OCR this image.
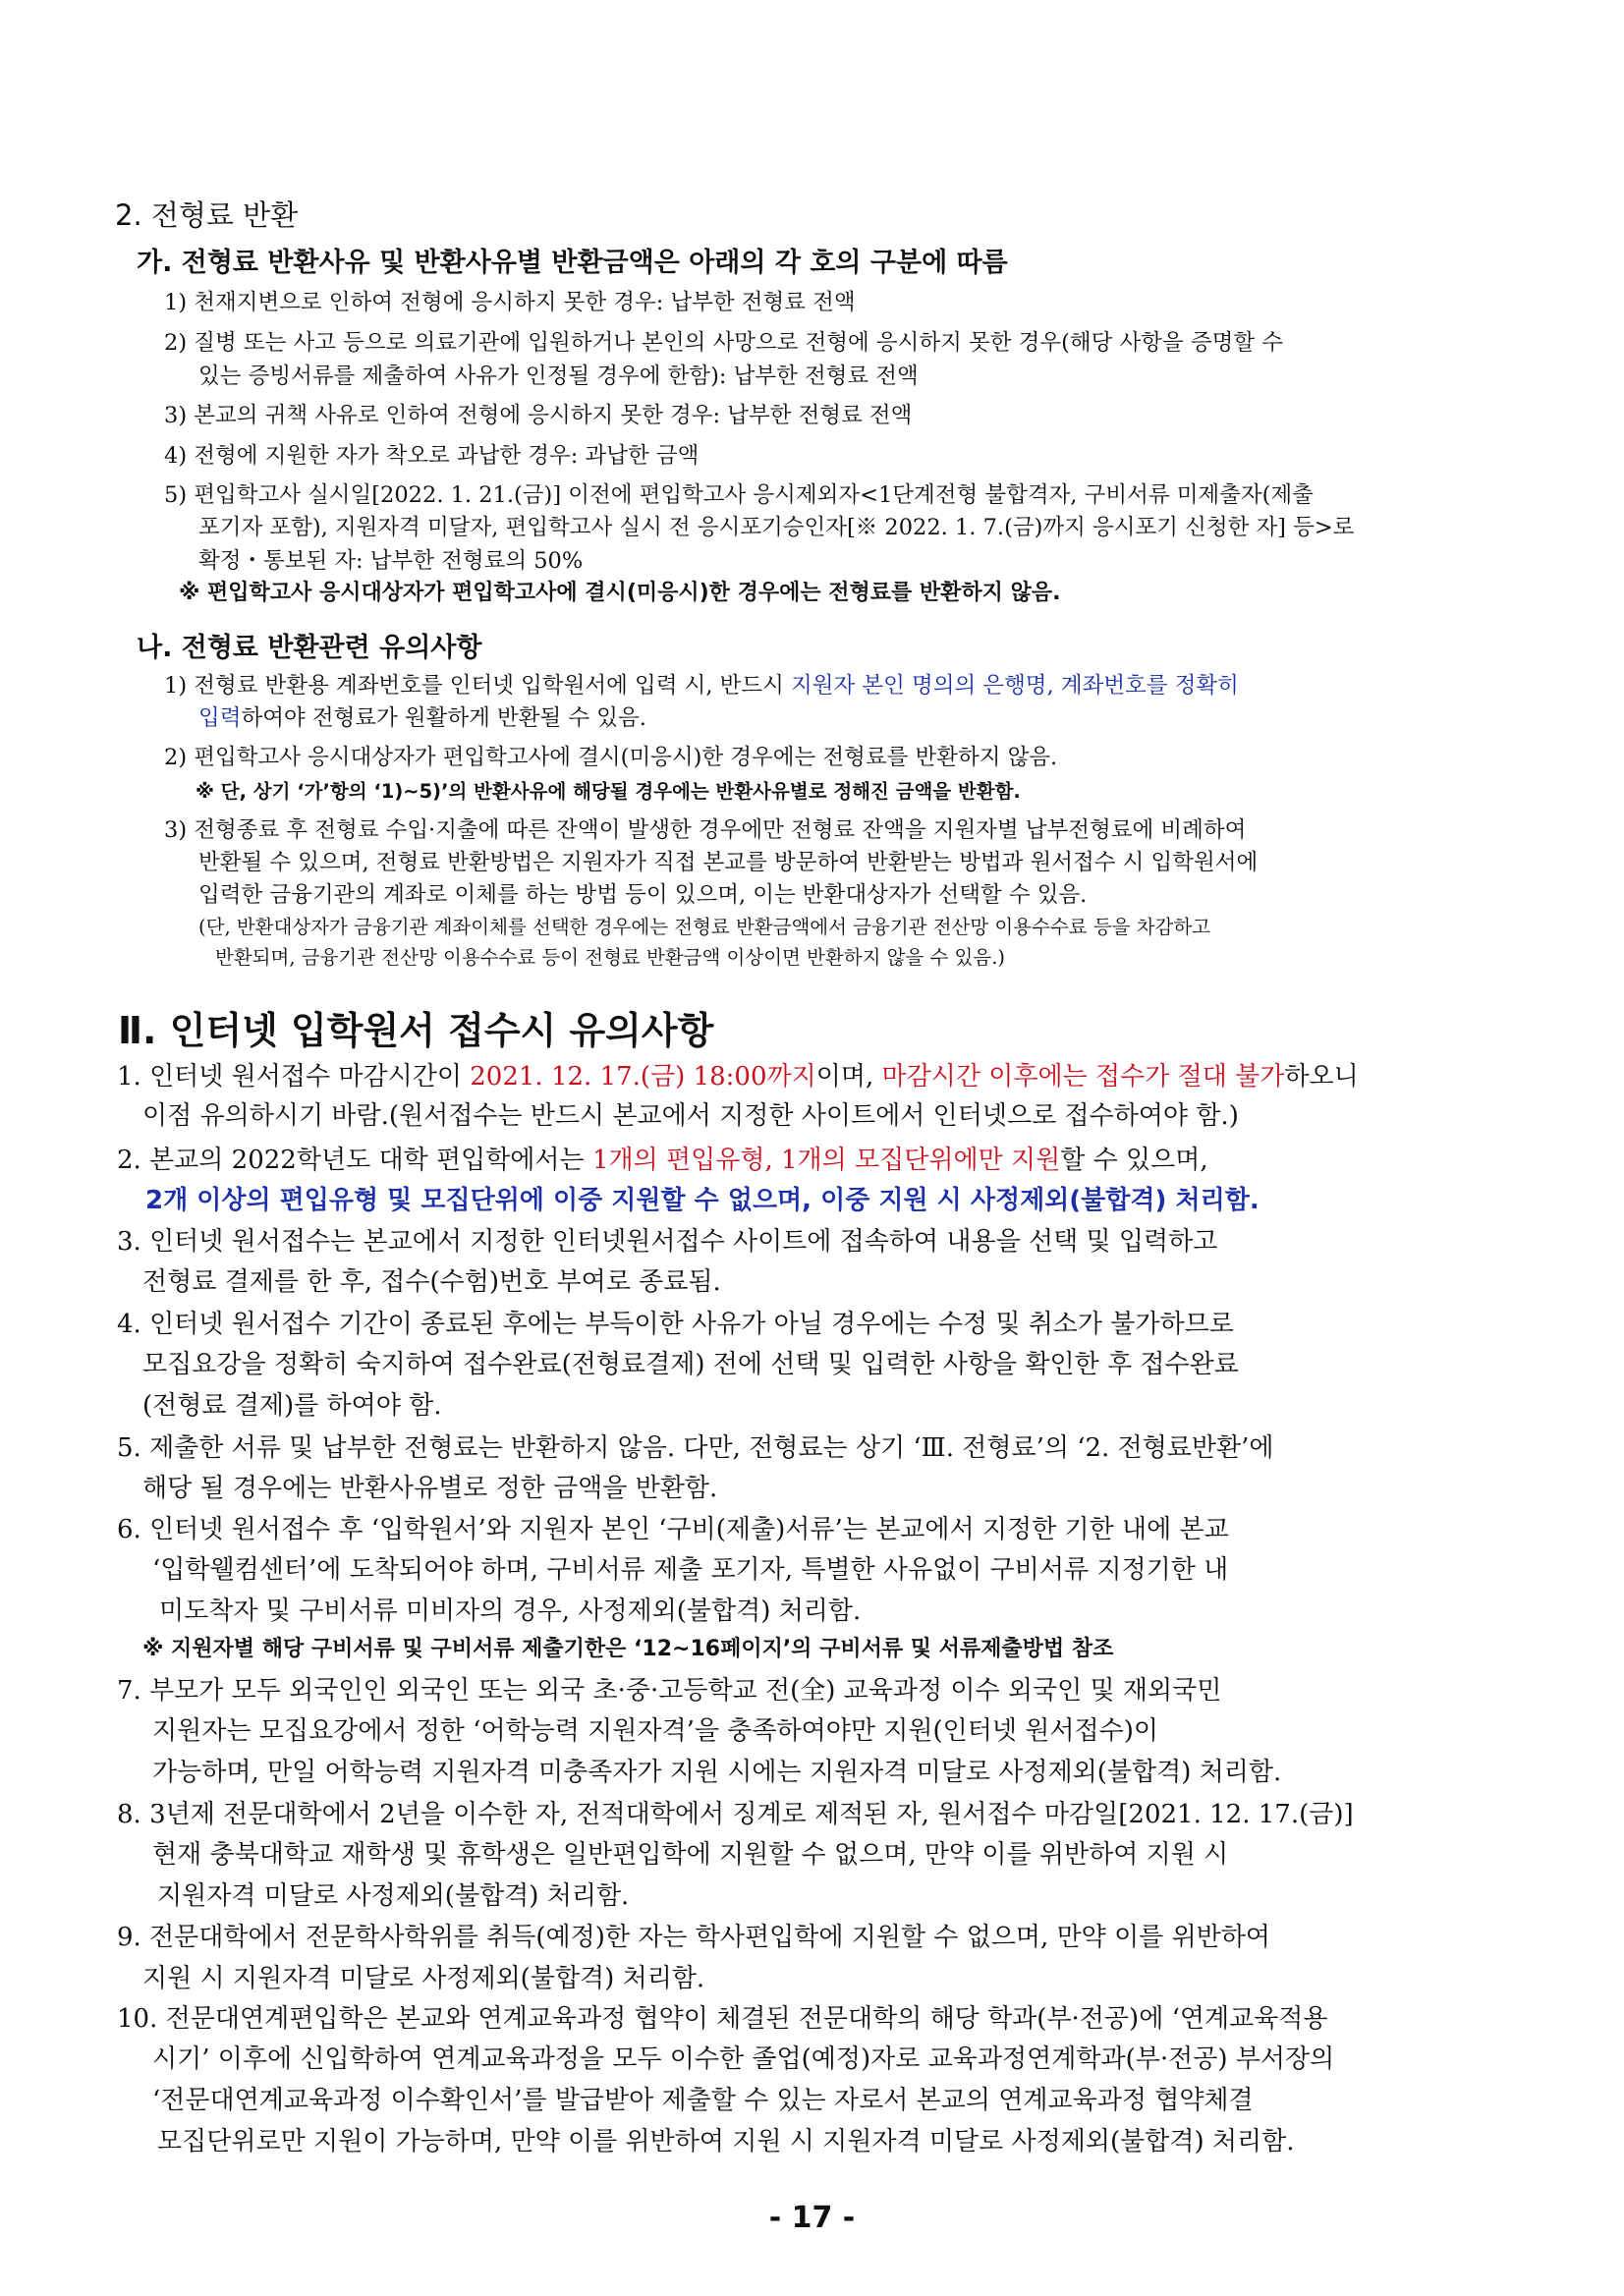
2. 전형료 반환
가. 전형료 반환사유 및 반환사유별 반환금액은 아래의 각 호의 구분에 따름
1) 천재지변으로 인하여 전형에 응시하지 못한 경우: 납부한 전형료 전액
2) 질병 또는 사고 등으로 의료기관에 입원하거나 본인의 사망으로 전형에 응시하지 못한 경우(해당 사항을 증명할 수
있는 증빙서류를 제출하여 사유가 인정될 경우에 한함): 납부한 전형료 전액
3) 본교의 귀책 사유로 인하여 전형에 응시하지 못한 경우: 납부한 전형료 전액
4) 전형에 지원한 자가 착오로 과납한 경우: 과납한 금액
5) 편입학고사 실시일[2022. 1. 21.(금)] 이전에 편입학고사 응시제외자<1단계전형 불합격자, 구비서류 미제출자(제출
포기자 포함), 지원자격 미달자, 편입학고사 실시 전 응시포기승인자[※ 2022. 1. 7.(금)까지 응시포기 신청한 자] 등>로
확정・통보된 자: 납부한 전형료의 50%
※ 편입학고사 응시대상자가 편입학고사에 결시(미응시)한 경우에는 전형료를 반환하지 않음.
나. 전형료 반환관련 유의사항
1) 전형료 반환용 계좌번호를 인터넷 입학원서에 입력 시, 반드시 지원자 본인 명의의 은행명, 계좌번호를 정확히
입력하여야 전형료가 원활하게 반환될 수 있음.
2) 편입학고사 응시대상자가 편입학고사에 결시(미응시)한 경우에는 전형료를 반환하지 않음.
※ 단, 상기 ‘가’항의 ‘1)~5)’의 반환사유에 해당될 경우에는 반환사유별로 정해진 금액을 반환함.
3) 전형종료 후 전형료 수입·지출에 따른 잔액이 발생한 경우에만 전형료 잔액을 지원자별 납부전형료에 비례하여
반환될 수 있으며, 전형료 반환방법은 지원자가 직접 본교를 방문하여 반환받는 방법과 원서접수 시 입학원서에
입력한 금융기관의 계좌로 이체를 하는 방법 등이 있으며, 이는 반환대상자가 선택할 수 있음.
(단, 반환대상자가 금융기관 계좌이체를 선택한 경우에는 전형료 반환금액에서 금융기관 전산망 이용수수료 등을 차감하고
반환되며, 금융기관 전산망 이용수수료 등이 전형료 반환금액 이상이면 반환하지 않을 수 있음.)
Ⅱ. 인터넷 입학원서 접수시 유의사항
1. 인터넷 원서접수 마감시간이 2021. 12. 17.(금) 18:00까지이며, 마감시간 이후에는 접수가 절대 불가하오니
이점 유의하시기 바람.(원서접수는 반드시 본교에서 지정한 사이트에서 인터넷으로 접수하여야 함.)
2. 본교의 2022학년도 대학 편입학에서는 1개의 편입유형, 1개의 모집단위에만 지원할 수 있으며,
2개 이상의 편입유형 및 모집단위에 이중 지원할 수 없으며, 이중 지원 시 사정제외(불합격) 처리함.
3. 인터넷 원서접수는 본교에서 지정한 인터넷원서접수 사이트에 접속하여 내용을 선택 및 입력하고
전형료 결제를 한 후, 접수(수험)번호 부여로 종료됨.
4. 인터넷 원서접수 기간이 종료된 후에는 부득이한 사유가 아닐 경우에는 수정 및 취소가 불가하므로
모집요강을 정확히 숙지하여 접수완료(전형료결제) 전에 선택 및 입력한 사항을 확인한 후 접수완료
(전형료 결제)를 하여야 함.
5. 제출한 서류 및 납부한 전형료는 반환하지 않음. 다만, 전형료는 상기 ‘Ⅲ. 전형료’의 ‘2. 전형료반환’에
해당 될 경우에는 반환사유별로 정한 금액을 반환함.
6. 인터넷 원서접수 후 ‘입학원서’와 지원자 본인 ‘구비(제출)서류’는 본교에서 지정한 기한 내에 본교
‘입학웰컴센터’에 도착되어야 하며, 구비서류 제출 포기자, 특별한 사유없이 구비서류 지정기한 내
미도착자 및 구비서류 미비자의 경우, 사정제외(불합격) 처리함.
※ 지원자별 해당 구비서류 및 구비서류 제출기한은 ‘12~16페이지’의 구비서류 및 서류제출방법 참조
7. 부모가 모두 외국인인 외국인 또는 외국 초·중·고등학교 전(全) 교육과정 이수 외국인 및 재외국민
지원자는 모집요강에서 정한 ‘어학능력 지원자격’을 충족하여야만 지원(인터넷 원서접수)이
가능하며, 만일 어학능력 지원자격 미충족자가 지원 시에는 지원자격 미달로 사정제외(불합격) 처리함.
8. 3년제 전문대학에서 2년을 이수한 자, 전적대학에서 징계로 제적된 자, 원서접수 마감일[2021. 12. 17.(금)]
현재 충북대학교 재학생 및 휴학생은 일반편입학에 지원할 수 없으며, 만약 이를 위반하여 지원 시
지원자격 미달로 사정제외(불합격) 처리함.
9. 전문대학에서 전문학사학위를 취득(예정)한 자는 학사편입학에 지원할 수 없으며, 만약 이를 위반하여
지원 시 지원자격 미달로 사정제외(불합격) 처리함.
10. 전문대연계편입학은 본교와 연계교육과정 협약이 체결된 전문대학의 해당 학과(부·전공)에 ‘연계교육적용
시기’ 이후에 신입학하여 연계교육과정을 모두 이수한 졸업(예정)자로 교육과정연계학과(부·전공) 부서장의
‘전문대연계교육과정 이수확인서’를 발급받아 제출할 수 있는 자로서 본교의 연계교육과정 협약체결
모집단위로만 지원이 가능하며, 만약 이를 위반하여 지원 시 지원자격 미달로 사정제외(불합격) 처리함.
- 17 -
